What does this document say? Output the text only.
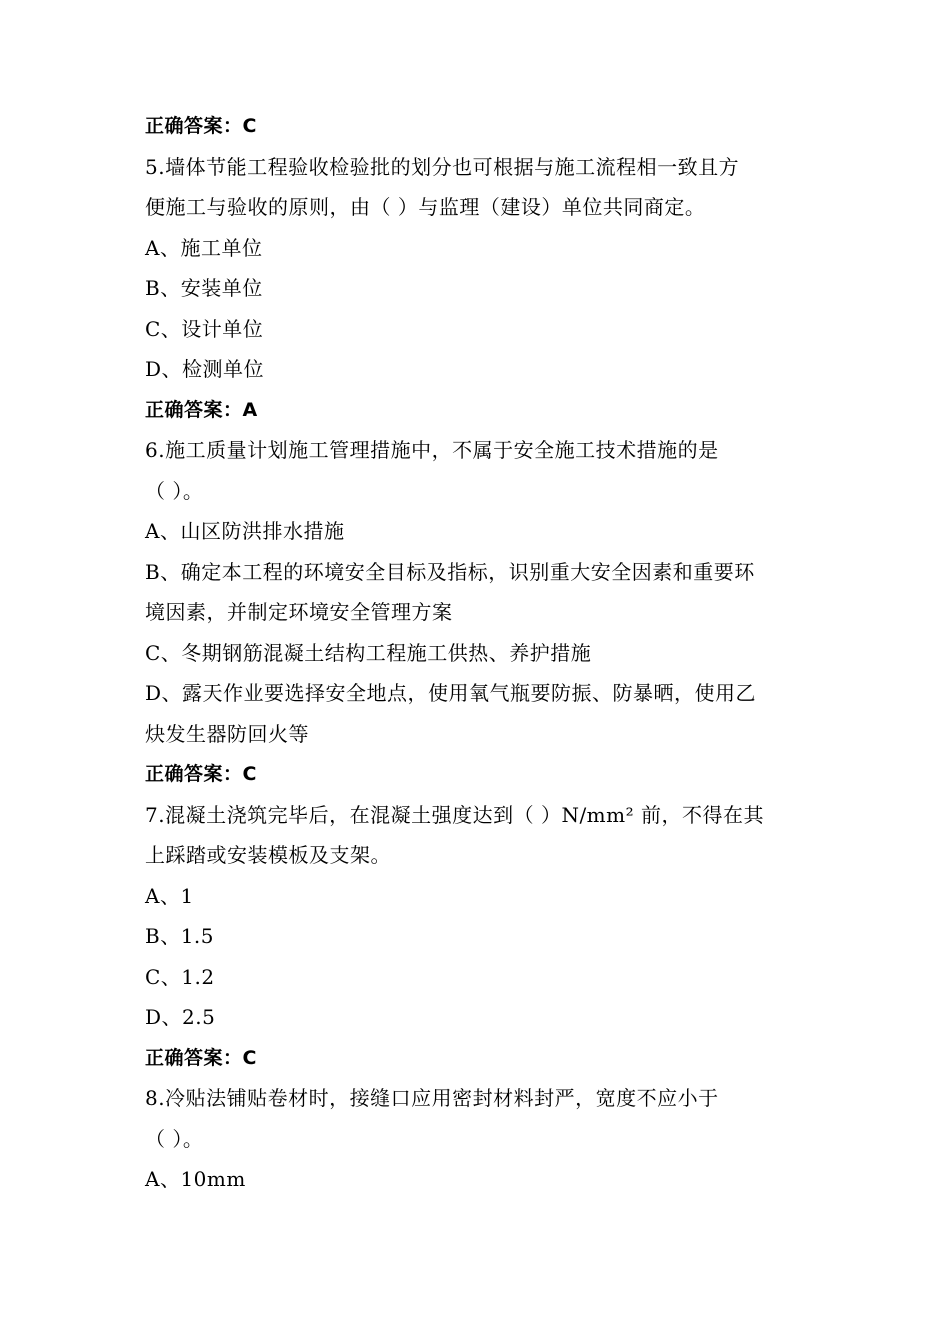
正确答案：C
5.墙体节能工程验收检验批的划分也可根据与施工流程相一致且方
便施工与验收的原则，由（ ）与监理（建设）单位共同商定。
A、施工单位
B、安装单位
C、设计单位
D、检测单位
正确答案：A
6.施工质量计划施工管理措施中，不属于安全施工技术措施的是
（ ）。
A、山区防洪排水措施
B、确定本工程的环境安全目标及指标，识别重大安全因素和重要环
境因素，并制定环境安全管理方案
C、冬期钢筋混凝土结构工程施工供热、养护措施
D、露天作业要选择安全地点，使用氧气瓶要防振、防暴晒，使用乙
炔发生器防回火等
正确答案：C
7.混凝土浇筑完毕后，在混凝土强度达到（ ）N/mm² 前，不得在其
上踩踏或安装模板及支架。
A、1
B、1.5
C、1.2
D、2.5
正确答案：C
8.冷贴法铺贴卷材时，接缝口应用密封材料封严，宽度不应小于
（ ）。
A、10mm
